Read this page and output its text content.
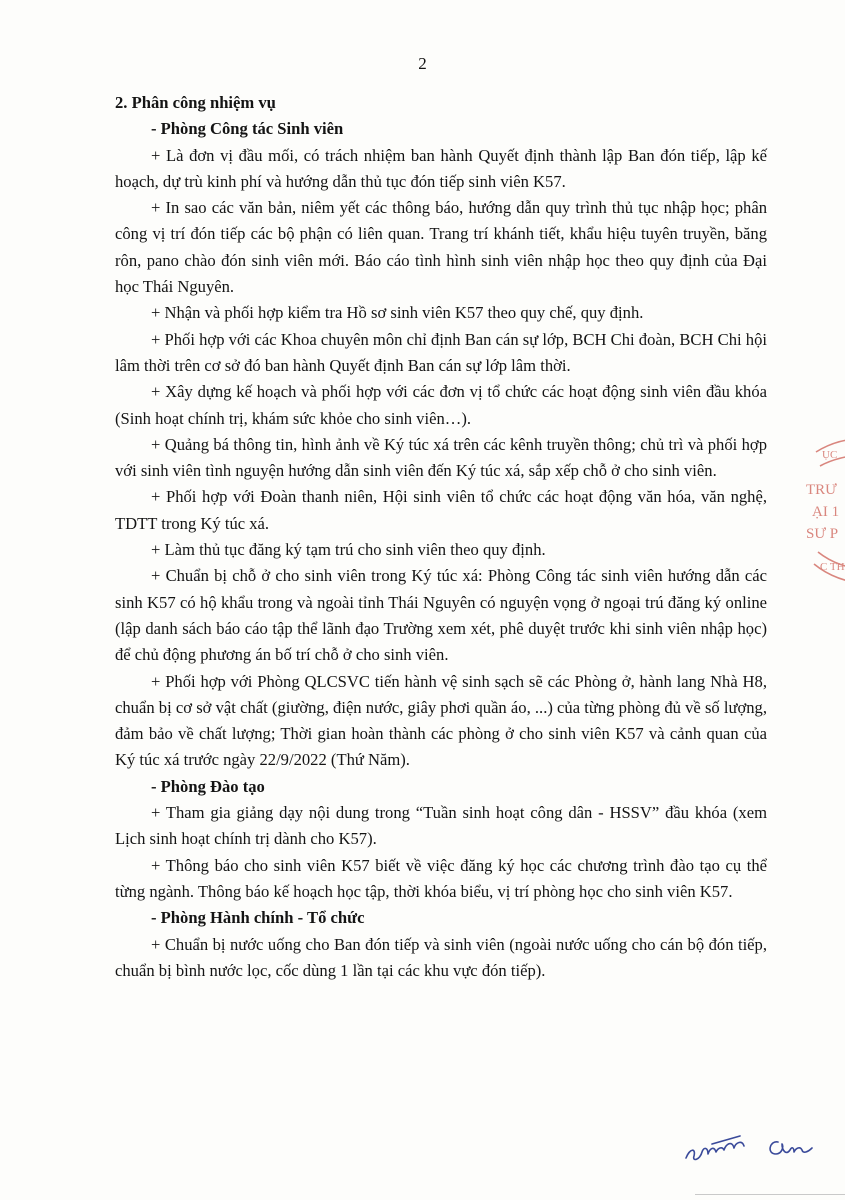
2

2. Phân công nhiệm vụ

- Phòng Công tác Sinh viên

+ Là đơn vị đầu mối, có trách nhiệm ban hành Quyết định thành lập Ban đón tiếp, lập kế hoạch, dự trù kinh phí và hướng dẫn thủ tục đón tiếp sinh viên K57.

+ In sao các văn bản, niêm yết các thông báo, hướng dẫn quy trình thủ tục nhập học; phân công vị trí đón tiếp các bộ phận có liên quan. Trang trí khánh tiết, khẩu hiệu tuyên truyền, băng rôn, pano chào đón sinh viên mới. Báo cáo tình hình sinh viên nhập học theo quy định của Đại học Thái Nguyên.

+ Nhận và phối hợp kiểm tra Hồ sơ sinh viên K57 theo quy chế, quy định.

+ Phối hợp với các Khoa chuyên môn chỉ định Ban cán sự lớp, BCH Chi đoàn, BCH Chi hội lâm thời trên cơ sở đó ban hành Quyết định Ban cán sự lớp lâm thời.

+ Xây dựng kế hoạch và phối hợp với các đơn vị tổ chức các hoạt động sinh viên đầu khóa (Sinh hoạt chính trị, khám sức khỏe cho sinh viên…).

+ Quảng bá thông tin, hình ảnh về Ký túc xá trên các kênh truyền thông; chủ trì và phối hợp với sinh viên tình nguyện hướng dẫn sinh viên đến Ký túc xá, sắp xếp chỗ ở cho sinh viên.

+ Phối hợp với Đoàn thanh niên, Hội sinh viên tổ chức các hoạt động văn hóa, văn nghệ, TDTT trong Ký túc xá.

+ Làm thủ tục đăng ký tạm trú cho sinh viên theo quy định.

+ Chuẩn bị chỗ ở cho sinh viên trong Ký túc xá: Phòng Công tác sinh viên hướng dẫn các sinh K57 có hộ khẩu trong và ngoài tỉnh Thái Nguyên có nguyện vọng ở ngoại trú đăng ký online (lập danh sách báo cáo tập thể lãnh đạo Trường xem xét, phê duyệt trước khi sinh viên nhập học) để chủ động phương án bố trí chỗ ở cho sinh viên.

+ Phối hợp với Phòng QLCSVC tiến hành vệ sinh sạch sẽ các Phòng ở, hành lang Nhà H8, chuẩn bị cơ sở vật chất (giường, điện nước, giây phơi quần áo, ...) của từng phòng đủ về số lượng, đảm bảo về chất lượng; Thời gian hoàn thành các phòng ở cho sinh viên K57 và cảnh quan của Ký túc xá trước ngày 22/9/2022 (Thứ Năm).

- Phòng Đào tạo

+ Tham gia giảng dạy nội dung trong “Tuần sinh hoạt công dân - HSSV” đầu khóa (xem Lịch sinh hoạt chính trị dành cho K57).

+ Thông báo cho sinh viên K57 biết về việc đăng ký học các chương trình đào tạo cụ thể từng ngành. Thông báo kế hoạch học tập, thời khóa biểu, vị trí phòng học cho sinh viên K57.

- Phòng Hành chính - Tổ chức

+ Chuẩn bị nước uống cho Ban đón tiếp và sinh viên (ngoài nước uống cho cán bộ đón tiếp, chuẩn bị bình nước lọc, cốc dùng 1 lần tại các khu vực đón tiếp).

ỤC
TRƯ
ẠI 1
SƯ P
C TH
